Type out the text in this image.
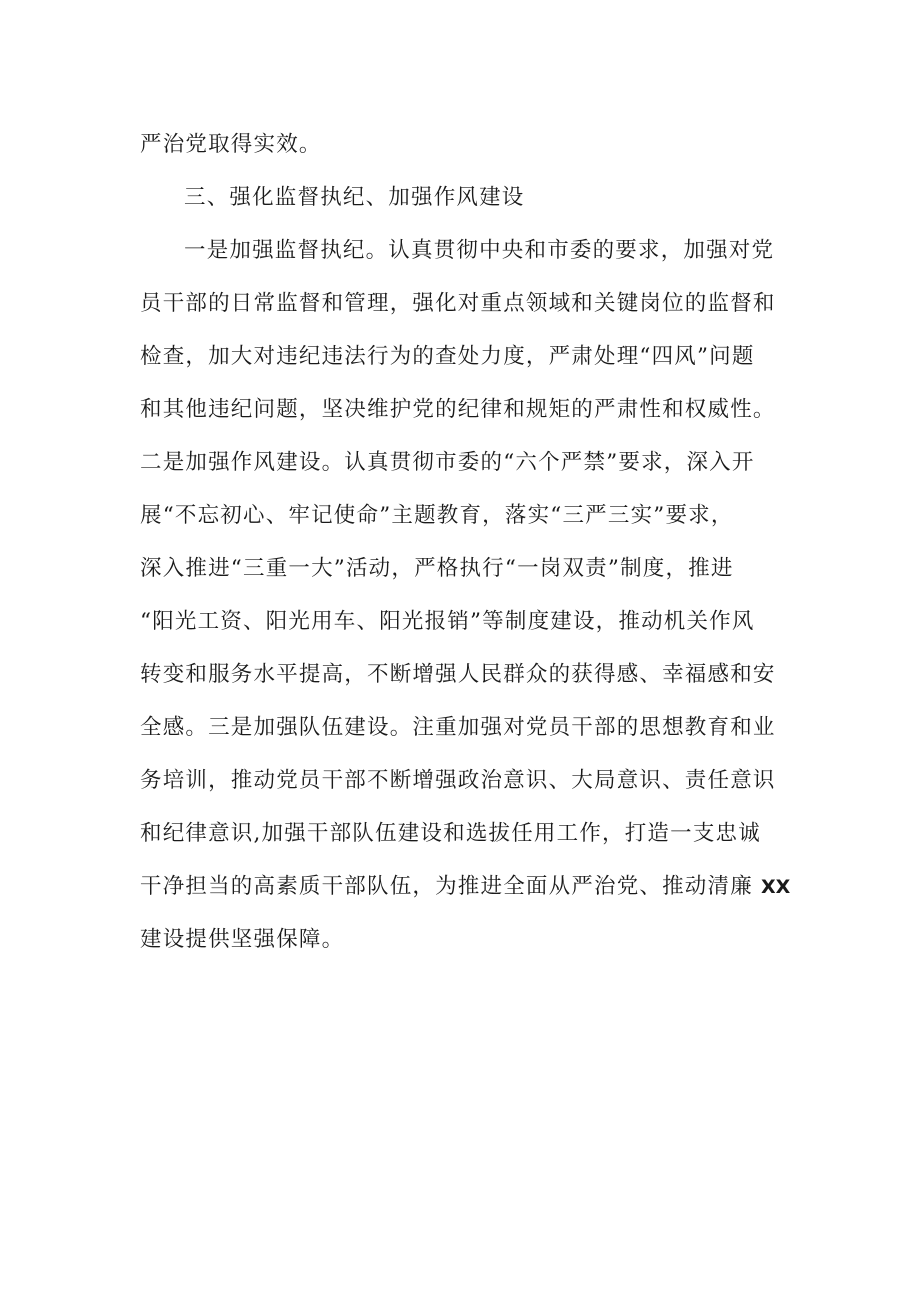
严治党取得实效。
三、强化监督执纪、加强作风建设
一是加强监督执纪。认真贯彻中央和市委的要求，加强对党
员干部的日常监督和管理，强化对重点领域和关键岗位的监督和
检查，加大对违纪违法行为的查处力度，严肃处理“四风”问题
和其他违纪问题，坚决维护党的纪律和规矩的严肃性和权威性。
二是加强作风建设。认真贯彻市委的“六个严禁”要求，深入开
展“不忘初心、牢记使命”主题教育，落实“三严三实”要求，
深入推进“三重一大”活动，严格执行“一岗双责”制度，推进
“阳光工资、阳光用车、阳光报销”等制度建设，推动机关作风
转变和服务水平提高，不断增强人民群众的获得感、幸福感和安
全感。三是加强队伍建设。注重加强对党员干部的思想教育和业
务培训，推动党员干部不断增强政治意识、大局意识、责任意识
和纪律意识,加强干部队伍建设和选拔任用工作，打造一支忠诚
干净担当的高素质干部队伍，为推进全面从严治党、推动清廉 XX
建设提供坚强保障。
